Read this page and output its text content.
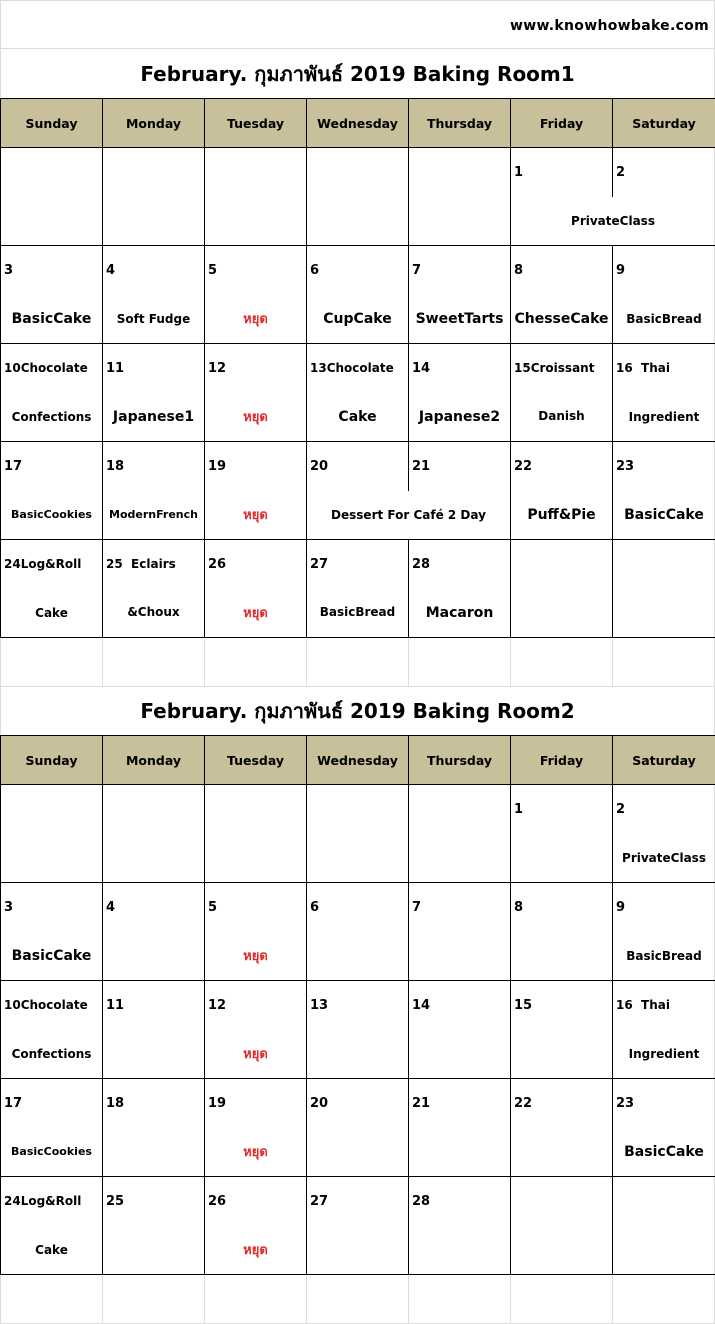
www.knowhowbake.com
February. กุมภาพันธ์ 2019 Baking Room1
Sunday	Monday	Tuesday	Wednesday	Thursday	Friday	Saturday
					1	2
					PrivateClass	
3	4	5	6	7	8	9
BasicCake	Soft Fudge	หยุด	CupCake	SweetTarts	ChesseCake	BasicBread
10Chocolate	11	12	13Chocolate	14	15Croissant	16  Thai
Confections	Japanese1	หยุด	Cake	Japanese2	Danish	Ingredient
17	18	19	20	21	22	23
BasicCookies	ModernFrench	หยุด	Dessert For Café 2 Day		Puff&Pie	BasicCake
24Log&Roll	25  Eclairs	26	27	28		
Cake	&Choux	หยุด	BasicBread	Macaron		
February. กุมภาพันธ์ 2019 Baking Room2
Sunday	Monday	Tuesday	Wednesday	Thursday	Friday	Saturday
					1	2
						PrivateClass
3	4	5	6	7	8	9
BasicCake		หยุด				BasicBread
10Chocolate	11	12	13	14	15	16  Thai
Confections		หยุด				Ingredient
17	18	19	20	21	22	23
BasicCookies		หยุด				BasicCake
24Log&Roll	25	26	27	28		
Cake		หยุด				
